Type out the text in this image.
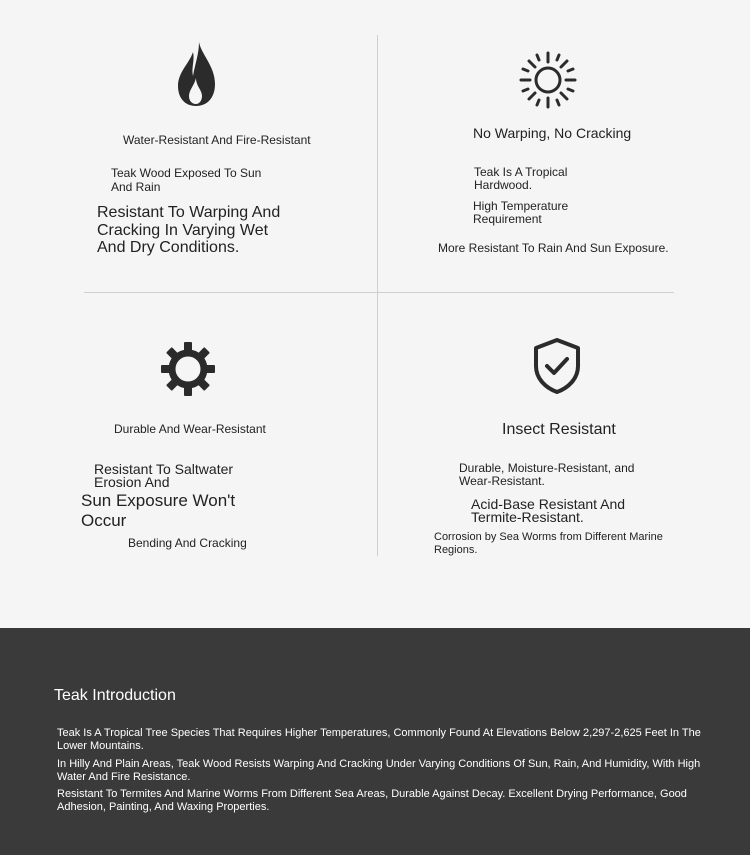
Water-Resistant And Fire-Resistant

Teak Wood Exposed To Sun And Rain

Resistant To Warping And Cracking In Varying Wet And Dry Conditions.

No Warping, No Cracking

Teak Is A Tropical Hardwood.

High Temperature Requirement

More Resistant To Rain And Sun Exposure.

Durable And Wear-Resistant

Resistant To Saltwater Erosion And

Sun Exposure Won't Occur

Bending And Cracking

Insect Resistant

Durable, Moisture-Resistant, and Wear-Resistant.

Acid-Base Resistant And Termite-Resistant.

Corrosion by Sea Worms from Different Marine Regions.

Teak Introduction

Teak Is A Tropical Tree Species That Requires Higher Temperatures, Commonly Found At Elevations Below 2,297-2,625 Feet In The Lower Mountains.

In Hilly And Plain Areas, Teak Wood Resists Warping And Cracking Under Varying Conditions Of Sun, Rain, And Humidity, With High Water And Fire Resistance.

Resistant To Termites And Marine Worms From Different Sea Areas, Durable Against Decay. Excellent Drying Performance, Good Adhesion, Painting, And Waxing Properties.
